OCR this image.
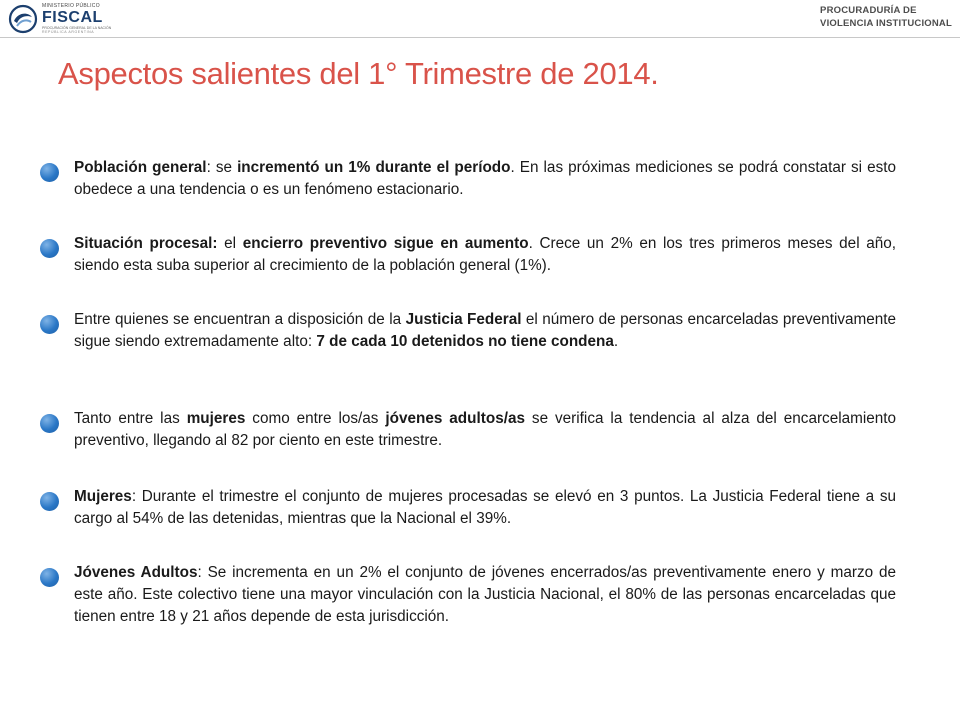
MINISTERIO PÚBLICO
FISCAL
PROCURACIÓN GENERAL DE LA NACIÓN
REPÚBLICA ARGENTINA
PROCURADURÍA DE
VIOLENCIA INSTITUCIONAL
Aspectos salientes del 1° Trimestre de 2014.
Población general: se incrementó un 1% durante el período. En las próximas mediciones se podrá constatar si esto obedece a una tendencia o es un fenómeno estacionario.
Situación procesal: el encierro preventivo sigue en aumento. Crece un 2% en los tres primeros meses del año, siendo esta suba superior al crecimiento de la población general (1%).
Entre quienes se encuentran a disposición de la Justicia Federal el número de personas encarceladas preventivamente sigue siendo extremadamente alto: 7 de cada 10 detenidos no tiene condena.
Tanto entre las mujeres como entre los/as jóvenes adultos/as se verifica la tendencia al alza del encarcelamiento preventivo, llegando al 82 por ciento en este trimestre.
Mujeres: Durante el trimestre el conjunto de mujeres procesadas se elevó en 3 puntos. La Justicia Federal tiene a su cargo al 54% de las detenidas, mientras que la Nacional el 39%.
Jóvenes Adultos: Se incrementa en un 2% el conjunto de jóvenes encerrados/as preventivamente enero y marzo de este año. Este colectivo tiene una mayor vinculación con la Justicia Nacional, el 80% de las personas encarceladas que tienen entre 18 y 21 años depende de esta jurisdicción.
